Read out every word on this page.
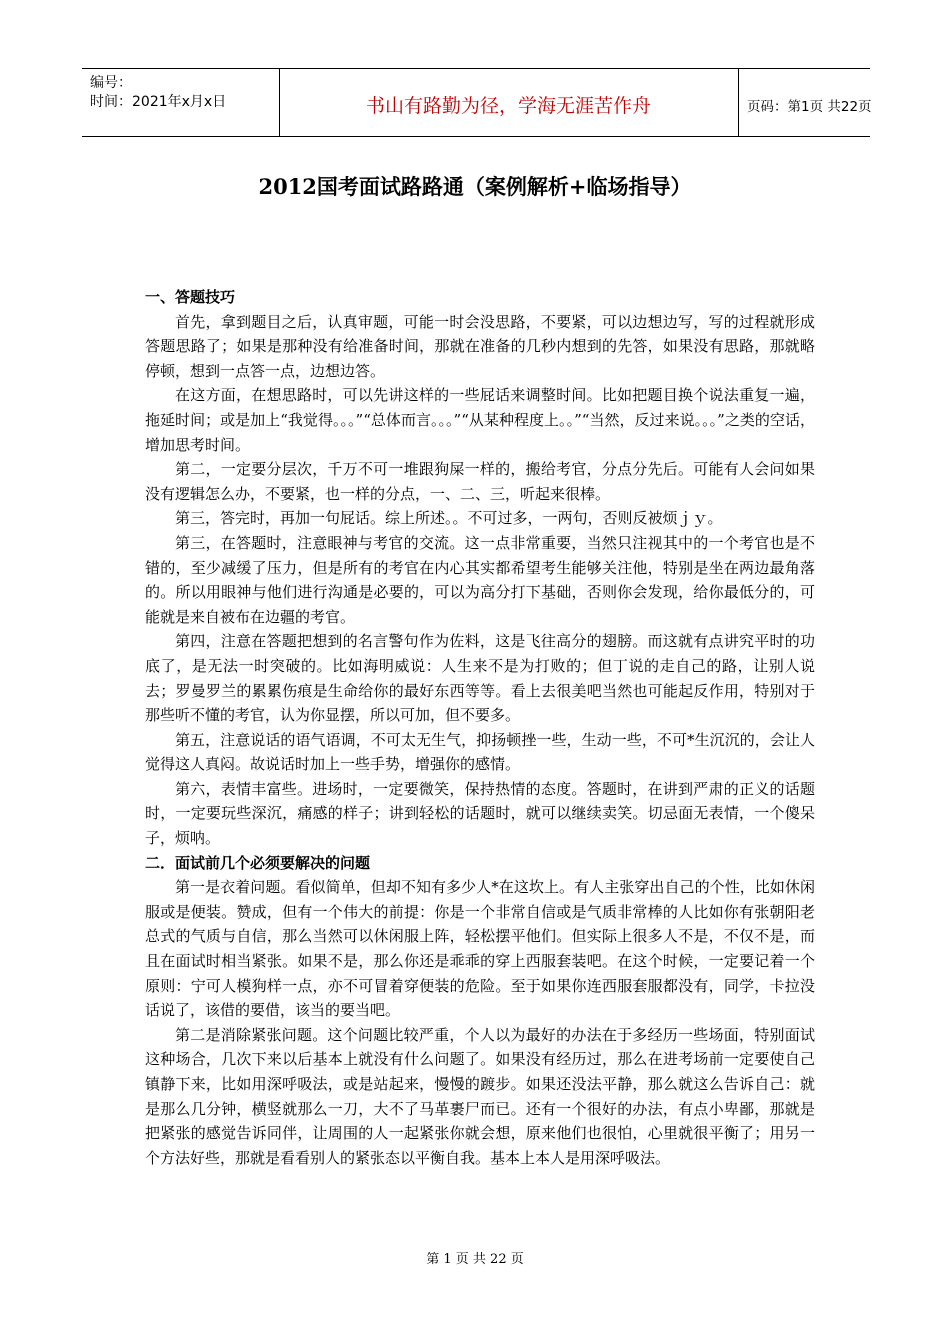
编号：
时间：2021年x月x日	书山有路勤为径，学海无涯苦作舟	页码：第1页 共22页
2012国考面试路路通（案例解析+临场指导）
一、答题技巧

首先，拿到题目之后，认真审题，可能一时会没思路，不要紧，可以边想边写，写的过程就形成答题思路了；如果是那种没有给准备时间，那就在准备的几秒内想到的先答，如果没有思路，那就略停顿，想到一点答一点，边想边答。

在这方面，在想思路时，可以先讲这样的一些屁话来调整时间。比如把题目换个说法重复一遍，拖延时间；或是加上“我觉得。。。”“总体而言。。。”“从某种程度上。。”“当然，反过来说。。。”之类的空话，增加思考时间。

第二，一定要分层次，千万不可一堆跟狗屎一样的，搬给考官，分点分先后。可能有人会问如果没有逻辑怎么办，不要紧，也一样的分点，一、二、三，听起来很棒。

第三，答完时，再加一句屁话。综上所述。。不可过多，一两句，否则反被烦ｊｙ。

第三，在答题时，注意眼神与考官的交流。这一点非常重要，当然只注视其中的一个考官也是不错的，至少减缓了压力，但是所有的考官在内心其实都希望考生能够关注他，特别是坐在两边最角落的。所以用眼神与他们进行沟通是必要的，可以为高分打下基础，否则你会发现，给你最低分的，可能就是来自被布在边疆的考官。

第四，注意在答题把想到的名言警句作为佐料，这是飞往高分的翅膀。而这就有点讲究平时的功底了，是无法一时突破的。比如海明威说：人生来不是为打败的；但丁说的走自己的路，让别人说去；罗曼罗兰的累累伤痕是生命给你的最好东西等等。看上去很美吧当然也可能起反作用，特别对于那些听不懂的考官，认为你显摆，所以可加，但不要多。

第五，注意说话的语气语调，不可太无生气，抑扬顿挫一些，生动一些，不可*生沉沉的，会让人觉得这人真闷。故说话时加上一些手势，增强你的感情。

第六，表情丰富些。进场时，一定要微笑，保持热情的态度。答题时，在讲到严肃的正义的话题时，一定要玩些深沉，痛感的样子；讲到轻松的话题时，就可以继续卖笑。切忌面无表情，一个傻呆子，烦呐。

二．面试前几个必须要解决的问题

第一是衣着问题。看似简单，但却不知有多少人*在这坎上。有人主张穿出自己的个性，比如休闲服或是便装。赞成，但有一个伟大的前提：你是一个非常自信或是气质非常棒的人比如你有张朝阳老总式的气质与自信，那么当然可以休闲服上阵，轻松摆平他们。但实际上很多人不是，不仅不是，而且在面试时相当紧张。如果不是，那么你还是乖乖的穿上西服套装吧。在这个时候，一定要记着一个原则：宁可人模狗样一点，亦不可冒着穿便装的危险。至于如果你连西服套服都没有，同学，卡拉没话说了，该借的要借，该当的要当吧。

第二是消除紧张问题。这个问题比较严重，个人以为最好的办法在于多经历一些场面，特别面试这种场合，几次下来以后基本上就没有什么问题了。如果没有经历过，那么在进考场前一定要使自己镇静下来，比如用深呼吸法，或是站起来，慢慢的踱步。如果还没法平静，那么就这么告诉自己：就是那么几分钟，横竖就那么一刀，大不了马革裹尸而已。还有一个很好的办法，有点小卑鄙，那就是把紧张的感觉告诉同伴，让周围的人一起紧张你就会想，原来他们也很怕，心里就很平衡了；用另一个方法好些，那就是看看别人的紧张态以平衡自我。基本上本人是用深呼吸法。

第 1 页 共 22 页
